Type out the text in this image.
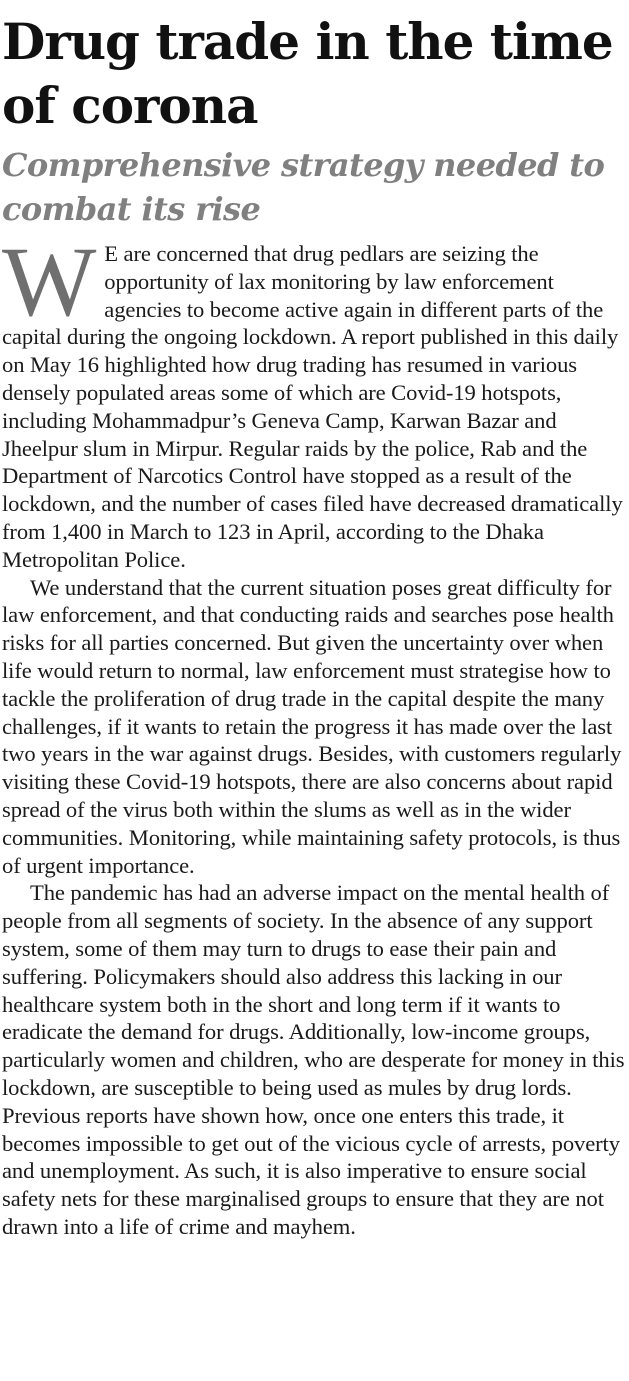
Drug trade in the time of corona
Comprehensive strategy needed to combat its rise

W E are concerned that drug pedlars are seizing the opportunity of lax monitoring by law enforcement agencies to become active again in different parts of the capital during the ongoing lockdown. A report published in this daily on May 16 highlighted how drug trading has resumed in various densely populated areas some of which are Covid-19 hotspots, including Mohammadpur’s Geneva Camp, Karwan Bazar and Jheelpur slum in Mirpur. Regular raids by the police, Rab and the Department of Narcotics Control have stopped as a result of the lockdown, and the number of cases filed have decreased dramatically from 1,400 in March to 123 in April, according to the Dhaka Metropolitan Police.

We understand that the current situation poses great difficulty for law enforcement, and that conducting raids and searches pose health risks for all parties concerned. But given the uncertainty over when life would return to normal, law enforcement must strategise how to tackle the proliferation of drug trade in the capital despite the many challenges, if it wants to retain the progress it has made over the last two years in the war against drugs. Besides, with customers regularly visiting these Covid-19 hotspots, there are also concerns about rapid spread of the virus both within the slums as well as in the wider communities. Monitoring, while maintaining safety protocols, is thus of urgent importance.

The pandemic has had an adverse impact on the mental health of people from all segments of society. In the absence of any support system, some of them may turn to drugs to ease their pain and suffering. Policymakers should also address this lacking in our healthcare system both in the short and long term if it wants to eradicate the demand for drugs. Additionally, low-income groups, particularly women and children, who are desperate for money in this lockdown, are susceptible to being used as mules by drug lords. Previous reports have shown how, once one enters this trade, it becomes impossible to get out of the vicious cycle of arrests, poverty and unemployment. As such, it is also imperative to ensure social safety nets for these marginalised groups to ensure that they are not drawn into a life of crime and mayhem.
